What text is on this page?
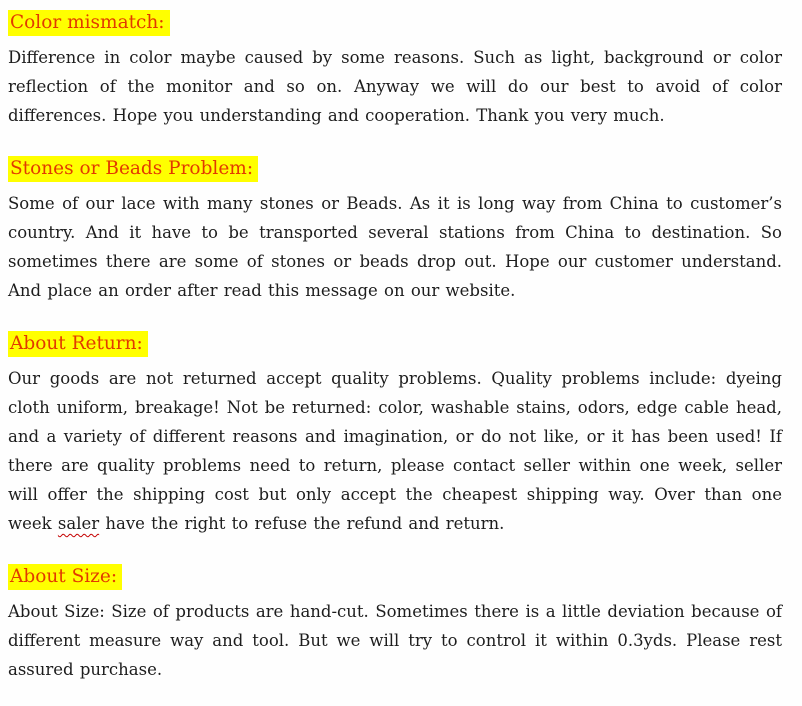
Color mismatch:

Difference in color maybe caused by some reasons. Such as light, background or color reflection of the monitor and so on. Anyway we will do our best to avoid of color differences. Hope you understanding and cooperation. Thank you very much.

Stones or Beads Problem:

Some of our lace with many stones or Beads. As it is long way from China to customer’s country. And it have to be transported several stations from China to destination. So sometimes there are some of stones or beads drop out. Hope our customer understand. And place an order after read this message on our website.

About Return:

Our goods are not returned accept quality problems. Quality problems include: dyeing cloth uniform, breakage! Not be returned: color, washable stains, odors, edge cable head, and a variety of different reasons and imagination, or do not like, or it has been used! If there are quality problems need to return, please contact seller within one week, seller will offer the shipping cost but only accept the cheapest shipping way. Over than one week saler have the right to refuse the refund and return.

About Size:

About Size: Size of products are hand-cut. Sometimes there is a little deviation because of different measure way and tool. But we will try to control it within 0.3yds. Please rest assured purchase.
